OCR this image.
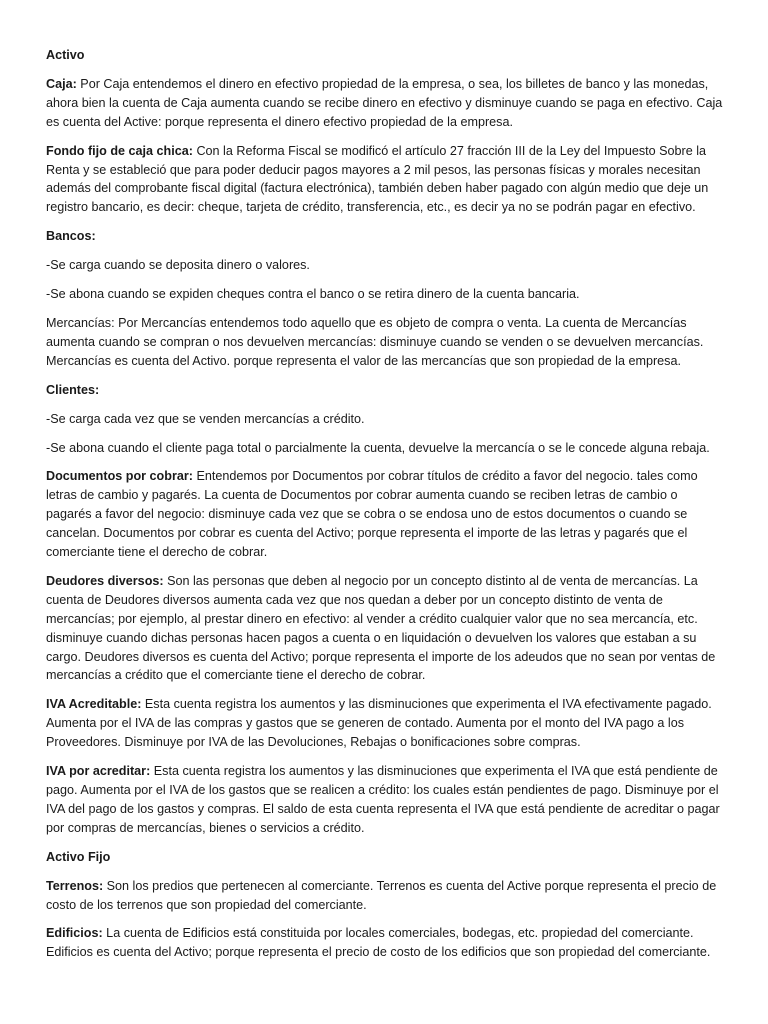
Activo

Caja: Por Caja entendemos el dinero en efectivo propiedad de la empresa, o sea, los billetes de banco y las monedas, ahora bien la cuenta de Caja aumenta cuando se recibe dinero en efectivo y disminuye cuando se paga en efectivo. Caja es cuenta del Active: porque representa el dinero efectivo propiedad de la empresa.

Fondo fijo de caja chica: Con la Reforma Fiscal se modificó el artículo 27 fracción III de la Ley del Impuesto Sobre la Renta y se estableció que para poder deducir pagos mayores a 2 mil pesos, las personas físicas y morales necesitan además del comprobante fiscal digital (factura electrónica), también deben haber pagado con algún medio que deje un registro bancario, es decir: cheque, tarjeta de crédito, transferencia, etc., es decir ya no se podrán pagar en efectivo.

Bancos:

-Se carga cuando se deposita dinero o valores.

-Se abona cuando se expiden cheques contra el banco o se retira dinero de la cuenta bancaria.

Mercancías: Por Mercancías entendemos todo aquello que es objeto de compra o venta. La cuenta de Mercancías aumenta cuando se compran o nos devuelven mercancías: disminuye cuando se venden o se devuelven mercancías. Mercancías es cuenta del Activo. porque representa el valor de las mercancías que son propiedad de la empresa.

Clientes:

-Se carga cada vez que se venden mercancías a crédito.

-Se abona cuando el cliente paga total o parcialmente la cuenta, devuelve la mercancía o se le concede alguna rebaja.

Documentos por cobrar: Entendemos por Documentos por cobrar títulos de crédito a favor del negocio. tales como letras de cambio y pagarés. La cuenta de Documentos por cobrar aumenta cuando se reciben letras de cambio o pagarés a favor del negocio: disminuye cada vez que se cobra o se endosa uno de estos documentos o cuando se cancelan. Documentos por cobrar es cuenta del Activo; porque representa el importe de las letras y pagarés que el comerciante tiene el derecho de cobrar.

Deudores diversos: Son las personas que deben al negocio por un concepto distinto al de venta de mercancías. La cuenta de Deudores diversos aumenta cada vez que nos quedan a deber por un concepto distinto de venta de mercancías; por ejemplo, al prestar dinero en efectivo: al vender a crédito cualquier valor que no sea mercancía, etc. disminuye cuando dichas personas hacen pagos a cuenta o en liquidación o devuelven los valores que estaban a su cargo. Deudores diversos es cuenta del Activo; porque representa el importe de los adeudos que no sean por ventas de mercancías a crédito que el comerciante tiene el derecho de cobrar.

IVA Acreditable: Esta cuenta registra los aumentos y las disminuciones que experimenta el IVA efectivamente pagado. Aumenta por el IVA de las compras y gastos que se generen de contado. Aumenta por el monto del IVA pago a los Proveedores. Disminuye por IVA de las Devoluciones, Rebajas o bonificaciones sobre compras.

IVA por acreditar: Esta cuenta registra los aumentos y las disminuciones que experimenta el IVA que está pendiente de pago. Aumenta por el IVA de los gastos que se realicen a crédito: los cuales están pendientes de pago. Disminuye por el IVA del pago de los gastos y compras. El saldo de esta cuenta representa el IVA que está pendiente de acreditar o pagar por compras de mercancías, bienes o servicios a crédito.

Activo Fijo

Terrenos: Son los predios que pertenecen al comerciante. Terrenos es cuenta del Active porque representa el precio de costo de los terrenos que son propiedad del comerciante.

Edificios: La cuenta de Edificios está constituida por locales comerciales, bodegas, etc. propiedad del comerciante. Edificios es cuenta del Activo; porque representa el precio de costo de los edificios que son propiedad del comerciante.
